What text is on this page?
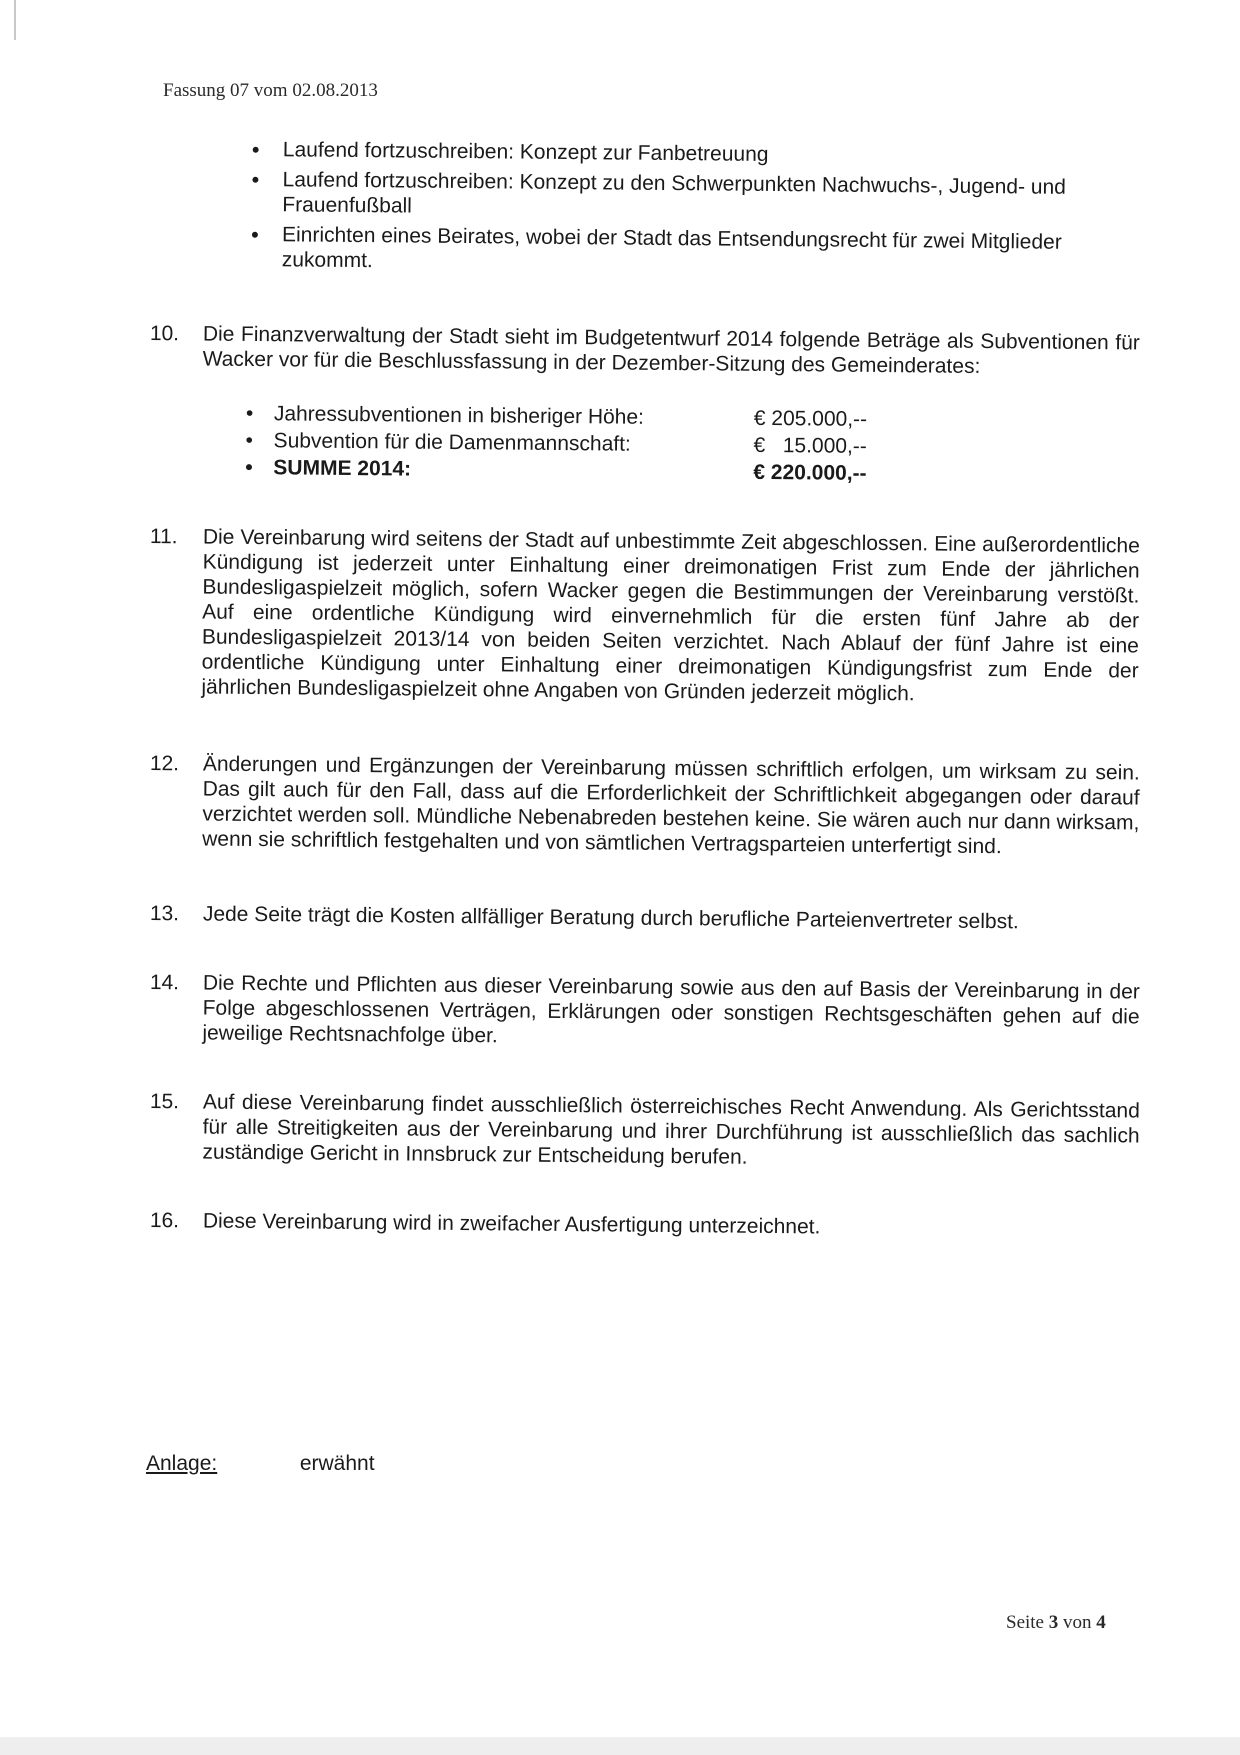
Fassung 07 vom 02.08.2013
• Laufend fortzuschreiben: Konzept zur Fanbetreuung
• Laufend fortzuschreiben: Konzept zu den Schwerpunkten Nachwuchs-, Jugend- und Frauenfußball
• Einrichten eines Beirates, wobei der Stadt das Entsendungsrecht für zwei Mitglieder zukommt.
10. Die Finanzverwaltung der Stadt sieht im Budgetentwurf 2014 folgende Beträge als Subventionen für Wacker vor für die Beschlussfassung in der Dezember-Sitzung des Gemeinderates:
•	Jahressubventionen in bisheriger Höhe:	€ 205.000,--
•	Subvention für die Damenmannschaft:	€   15.000,--
•	SUMME 2014:	€ 220.000,--
11. Die Vereinbarung wird seitens der Stadt auf unbestimmte Zeit abgeschlossen. Eine außerordentliche Kündigung ist jederzeit unter Einhaltung einer dreimonatigen Frist zum Ende der jährlichen Bundesligaspielzeit möglich, sofern Wacker gegen die Bestimmungen der Vereinbarung verstößt. Auf eine ordentliche Kündigung wird einvernehmlich für die ersten fünf Jahre ab der Bundesligaspielzeit 2013/14 von beiden Seiten verzichtet. Nach Ablauf der fünf Jahre ist eine ordentliche Kündigung unter Einhaltung einer dreimonatigen Kündigungsfrist zum Ende der jährlichen Bundesligaspielzeit ohne Angaben von Gründen jederzeit möglich.
12. Änderungen und Ergänzungen der Vereinbarung müssen schriftlich erfolgen, um wirksam zu sein. Das gilt auch für den Fall, dass auf die Erforderlichkeit der Schriftlichkeit abgegangen oder darauf verzichtet werden soll. Mündliche Nebenabreden bestehen keine. Sie wären auch nur dann wirksam, wenn sie schriftlich festgehalten und von sämtlichen Vertragsparteien unterfertigt sind.
13. Jede Seite trägt die Kosten allfälliger Beratung durch berufliche Parteienvertreter selbst.
14. Die Rechte und Pflichten aus dieser Vereinbarung sowie aus den auf Basis der Vereinbarung in der Folge abgeschlossenen Verträgen, Erklärungen oder sonstigen Rechtsgeschäften gehen auf die jeweilige Rechtsnachfolge über.
15. Auf diese Vereinbarung findet ausschließlich österreichisches Recht Anwendung. Als Gerichtsstand für alle Streitigkeiten aus der Vereinbarung und ihrer Durchführung ist ausschließlich das sachlich zuständige Gericht in Innsbruck zur Entscheidung berufen.
16. Diese Vereinbarung wird in zweifacher Ausfertigung unterzeichnet.
Anlage:	erwähnt
Seite 3 von 4
